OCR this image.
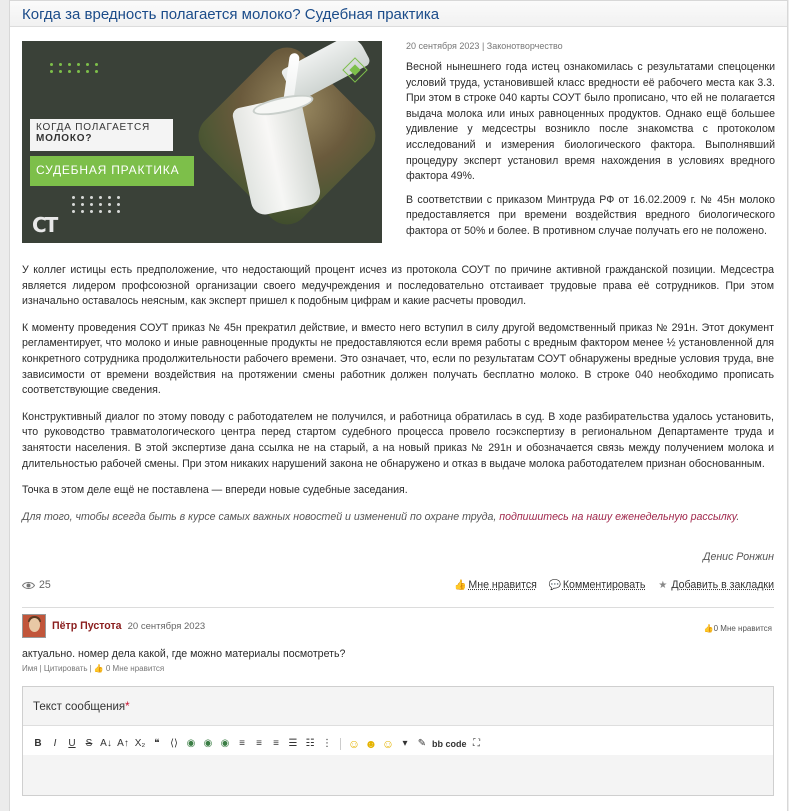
Когда за вредность полагается молоко? Судебная практика
КОГДА ПОЛАГАЕТСЯ
МОЛОКО?
СУДЕБНАЯ ПРАКТИКА
СТ
20 сентября 2023 | Законотворчество

Весной нынешнего года истец ознакомилась с результатами спецоценки условий труда, установившей класс вредности её рабочего места как 3.3. При этом в строке 040 карты СОУТ было прописано, что ей не полагается выдача молока или иных равноценных продуктов. Однако ещё большее удивление у медсестры возникло после знакомства с протоколом исследований и измерения биологического фактора. Выполнявший процедуру эксперт установил время нахождения в условиях вредного фактора 49%.

В соответствии с приказом Минтруда РФ от 16.02.2009 г. № 45н молоко предоставляется при времени воздействия вредного биологического фактора от 50% и более. В противном случае получать его не положено.

У коллег истицы есть предположение, что недостающий процент исчез из протокола СОУТ по причине активной гражданской позиции. Медсестра является лидером профсоюзной организации своего медучреждения и последовательно отстаивает трудовые права её сотрудников. При этом изначально оставалось неясным, как эксперт пришел к подобным цифрам и какие расчеты проводил.

К моменту проведения СОУТ приказ № 45н прекратил действие, и вместо него вступил в силу другой ведомственный приказ № 291н. Этот документ регламентирует, что молоко и иные равноценные продукты не предоставляются если время работы с вредным фактором менее ½ установленной для конкретного сотрудника продолжительности рабочего времени. Это означает, что, если по результатам СОУТ обнаружены вредные условия труда, вне зависимости от времени воздействия на протяжении смены работник должен получать бесплатно молоко. В строке 040 необходимо прописать соответствующие сведения.

Конструктивный диалог по этому поводу с работодателем не получился, и работница обратилась в суд. В ходе разбирательства удалось установить, что руководство травматологического центра перед стартом судебного процесса провело госэкспертизу в региональном Департаменте труда и занятости населения. В этой экспертизе дана ссылка не на старый, а на новый приказ № 291н и обозначается связь между получением молока и длительностью рабочей смены. При этом никаких нарушений закона не обнаружено и отказ в выдаче молока работодателем признан обоснованным.

Точка в этом деле ещё не поставлена — впереди новые судебные заседания.

Для того, чтобы всегда быть в курсе самых важных новостей и изменений по охране труда, подпишитесь на нашу еженедельную рассылку.

Денис Ронжин
25	👍 Мне нравится 💬 Комментировать ★ Добавить в закладки
Пётр Пустота 20 сентября 2023	👍0 Мне нравится
актуально. номер дела какой, где можно материалы посмотреть?
Имя | Цитировать | 👍 0 Мне нравится
Текст сообщения*
B	I	U	S A↓ A↑ X₂ ❝	⟨⟩ ◉ ◉ ◉ ≡	≡	≡ ☰ ☷ ⋮ ☺ ☻ ☺ ▾	✎ bb code ⛶
